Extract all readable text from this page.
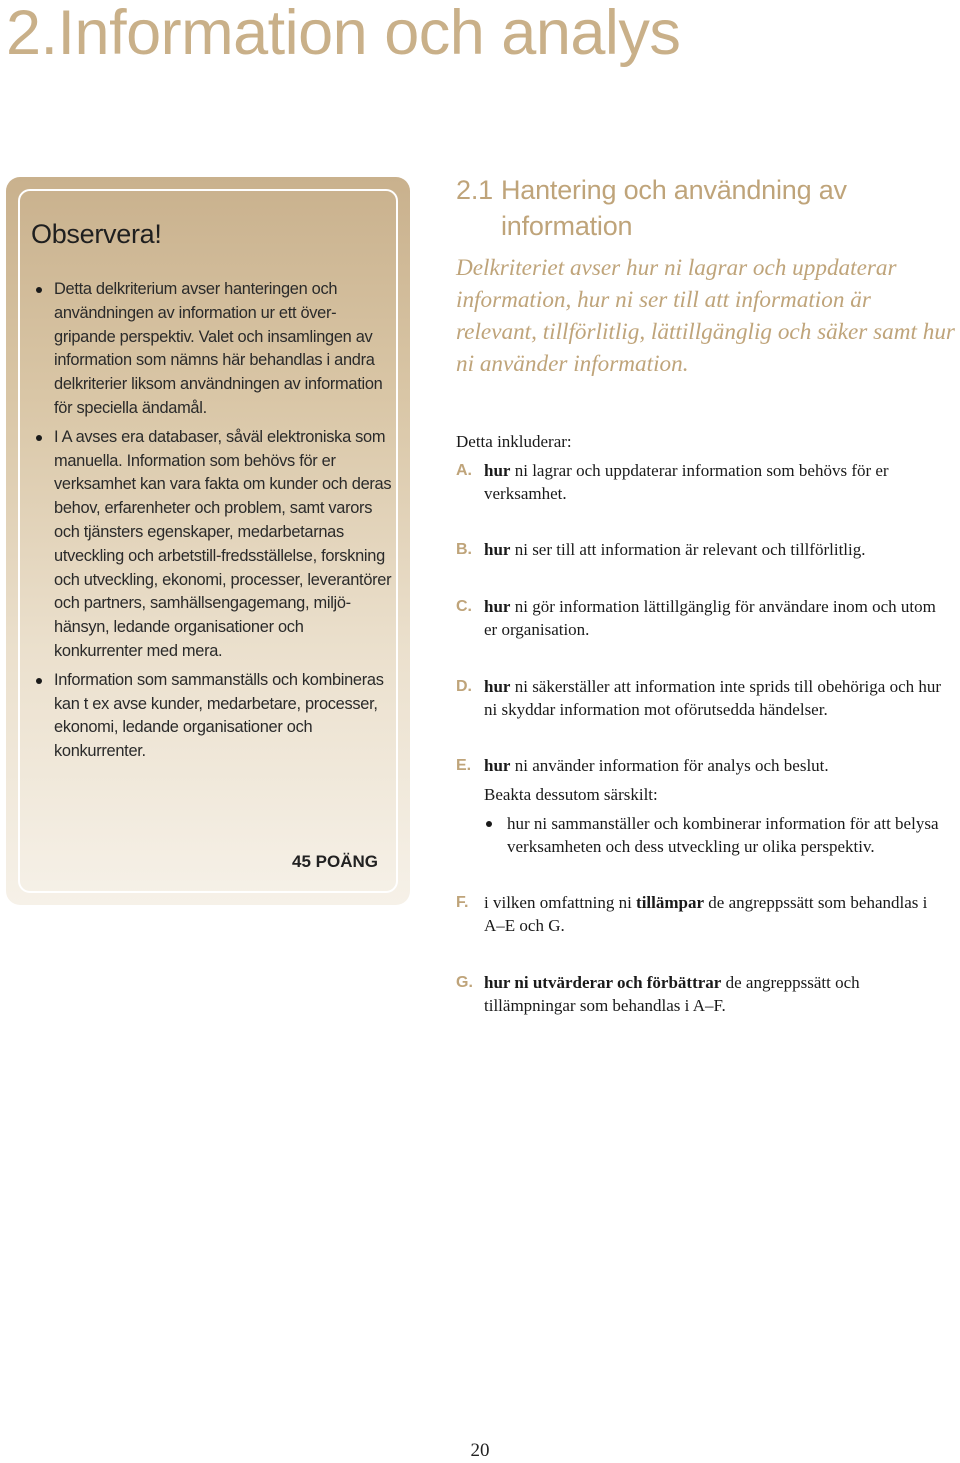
2.Information och analys
Observera!
Detta delkriterium avser hanteringen och användningen av information ur ett över-gripande perspektiv. Valet och insamlingen av information som nämns här behandlas i andra delkriterier liksom användningen av information för speciella ändamål.
I A avses era databaser, såväl elektroniska som manuella. Information som behövs för er verksamhet kan vara fakta om kunder och deras behov, erfarenheter och problem, samt varors och tjänsters egenskaper, medarbetarnas utveckling och arbetstill-fredsställelse, forskning och utveckling, ekonomi, processer, leverantörer och partners, samhällsengagemang, miljö-hänsyn, ledande organisationer och konkurrenter med mera.
Information som sammanställs och kombineras kan t ex avse kunder, medarbetare, processer, ekonomi, ledande organisationer och konkurrenter.

45 POÄNG

2.1 Hantering och användning av
information

Delkriteriet avser hur ni lagrar och uppdaterar information, hur ni ser till att information är relevant, tillförlitlig, lättillgänglig och säker samt hur ni använder information.

Detta inkluderar:

A. hur ni lagrar och uppdaterar information som behövs för er verksamhet.
B. hur ni ser till att information är relevant och tillförlitlig.
C. hur ni gör information lättillgänglig för användare inom och utom er organisation.
D. hur ni säkerställer att information inte sprids till obehöriga och hur ni skyddar information mot oförutsedda händelser.
E. hur ni använder information för analys och beslut.

Beakta dessutom särskilt:

hur ni sammanställer och kombinerar information för att belysa verksamheten och dess utveckling ur olika perspektiv.
F. i vilken omfattning ni tillämpar de angreppssätt som behandlas i A–E och G.
G. hur ni utvärderar och förbättrar de angreppssätt och tillämpningar som behandlas i A–F.
20
